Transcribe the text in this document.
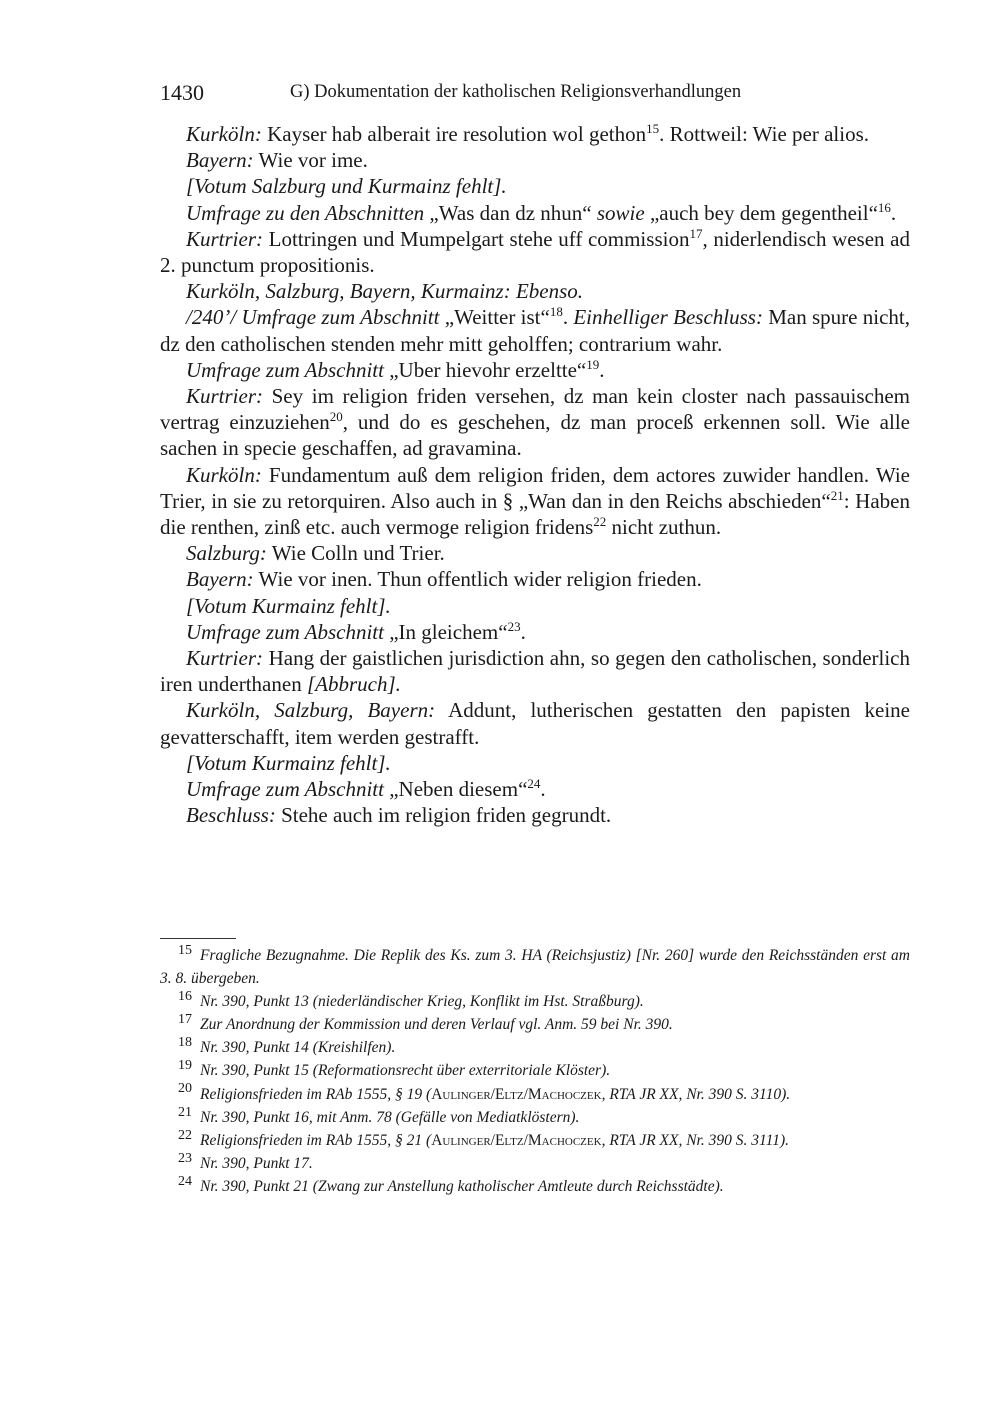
1430	G) Dokumentation der katholischen Religionsverhandlungen

Kurköln: Kayser hab alberait ire resolution wol gethon$^{15}$. Rottweil: Wie per alios.

Bayern: Wie vor ime.

[Votum Salzburg und Kurmainz fehlt].

Umfrage zu den Abschnitten „Was dan dz nhun“ sowie „auch bey dem gegentheil“$^{16}$.

Kurtrier: Lottringen und Mumpelgart stehe uff commission$^{17}$, niderlendisch wesen ad 2. punctum propositionis.

Kurköln, Salzburg, Bayern, Kurmainz: Ebenso.

/240’/ Umfrage zum Abschnitt „Weitter ist“$^{18}$. Einhelliger Beschluss: Man spure nicht, dz den catholischen stenden mehr mitt geholffen; contrarium wahr.

Umfrage zum Abschnitt „Uber hievohr erzeltte“$^{19}$.

Kurtrier: Sey im religion friden versehen, dz man kein closter nach passauischem vertrag einzuziehen$^{20}$, und do es geschehen, dz man proceß erkennen soll. Wie alle sachen in specie geschaffen, ad gravamina.

Kurköln: Fundamentum auß dem religion friden, dem actores zuwider handlen. Wie Trier, in sie zu retorquiren. Also auch in § „Wan dan in den Reichs abschieden“$^{21}$: Haben die renthen, zinß etc. auch vermoge religion fridens$^{22}$ nicht zuthun.

Salzburg: Wie Colln und Trier.

Bayern: Wie vor inen. Thun offentlich wider religion frieden.

[Votum Kurmainz fehlt].

Umfrage zum Abschnitt „In gleichem“$^{23}$.

Kurtrier: Hang der gaistlichen jurisdiction ahn, so gegen den catholischen, sonderlich iren underthanen [Abbruch].

Kurköln, Salzburg, Bayern: Addunt, lutherischen gestatten den papisten keine gevatterschafft, item werden gestrafft.

[Votum Kurmainz fehlt].

Umfrage zum Abschnitt „Neben diesem“$^{24}$.

Beschluss: Stehe auch im religion friden gegrundt.

15 Fragliche Bezugnahme. Die Replik des Ks. zum 3. HA (Reichsjustiz) [Nr. 260] wurde den Reichsständen erst am 3. 8. übergeben.

16 Nr. 390, Punkt 13 (niederländischer Krieg, Konflikt im Hst. Straßburg).

17 Zur Anordnung der Kommission und deren Verlauf vgl. Anm. 59 bei Nr. 390.

18 Nr. 390, Punkt 14 (Kreishilfen).

19 Nr. 390, Punkt 15 (Reformationsrecht über exterritoriale Klöster).

20 Religionsfrieden im RAb 1555, § 19 (Aulinger/Eltz/Machoczek, RTA JR XX, Nr. 390 S. 3110).

21 Nr. 390, Punkt 16, mit Anm. 78 (Gefälle von Mediatklöstern).

22 Religionsfrieden im RAb 1555, § 21 (Aulinger/Eltz/Machoczek, RTA JR XX, Nr. 390 S. 3111).

23 Nr. 390, Punkt 17.

24 Nr. 390, Punkt 21 (Zwang zur Anstellung katholischer Amtleute durch Reichsstädte).
